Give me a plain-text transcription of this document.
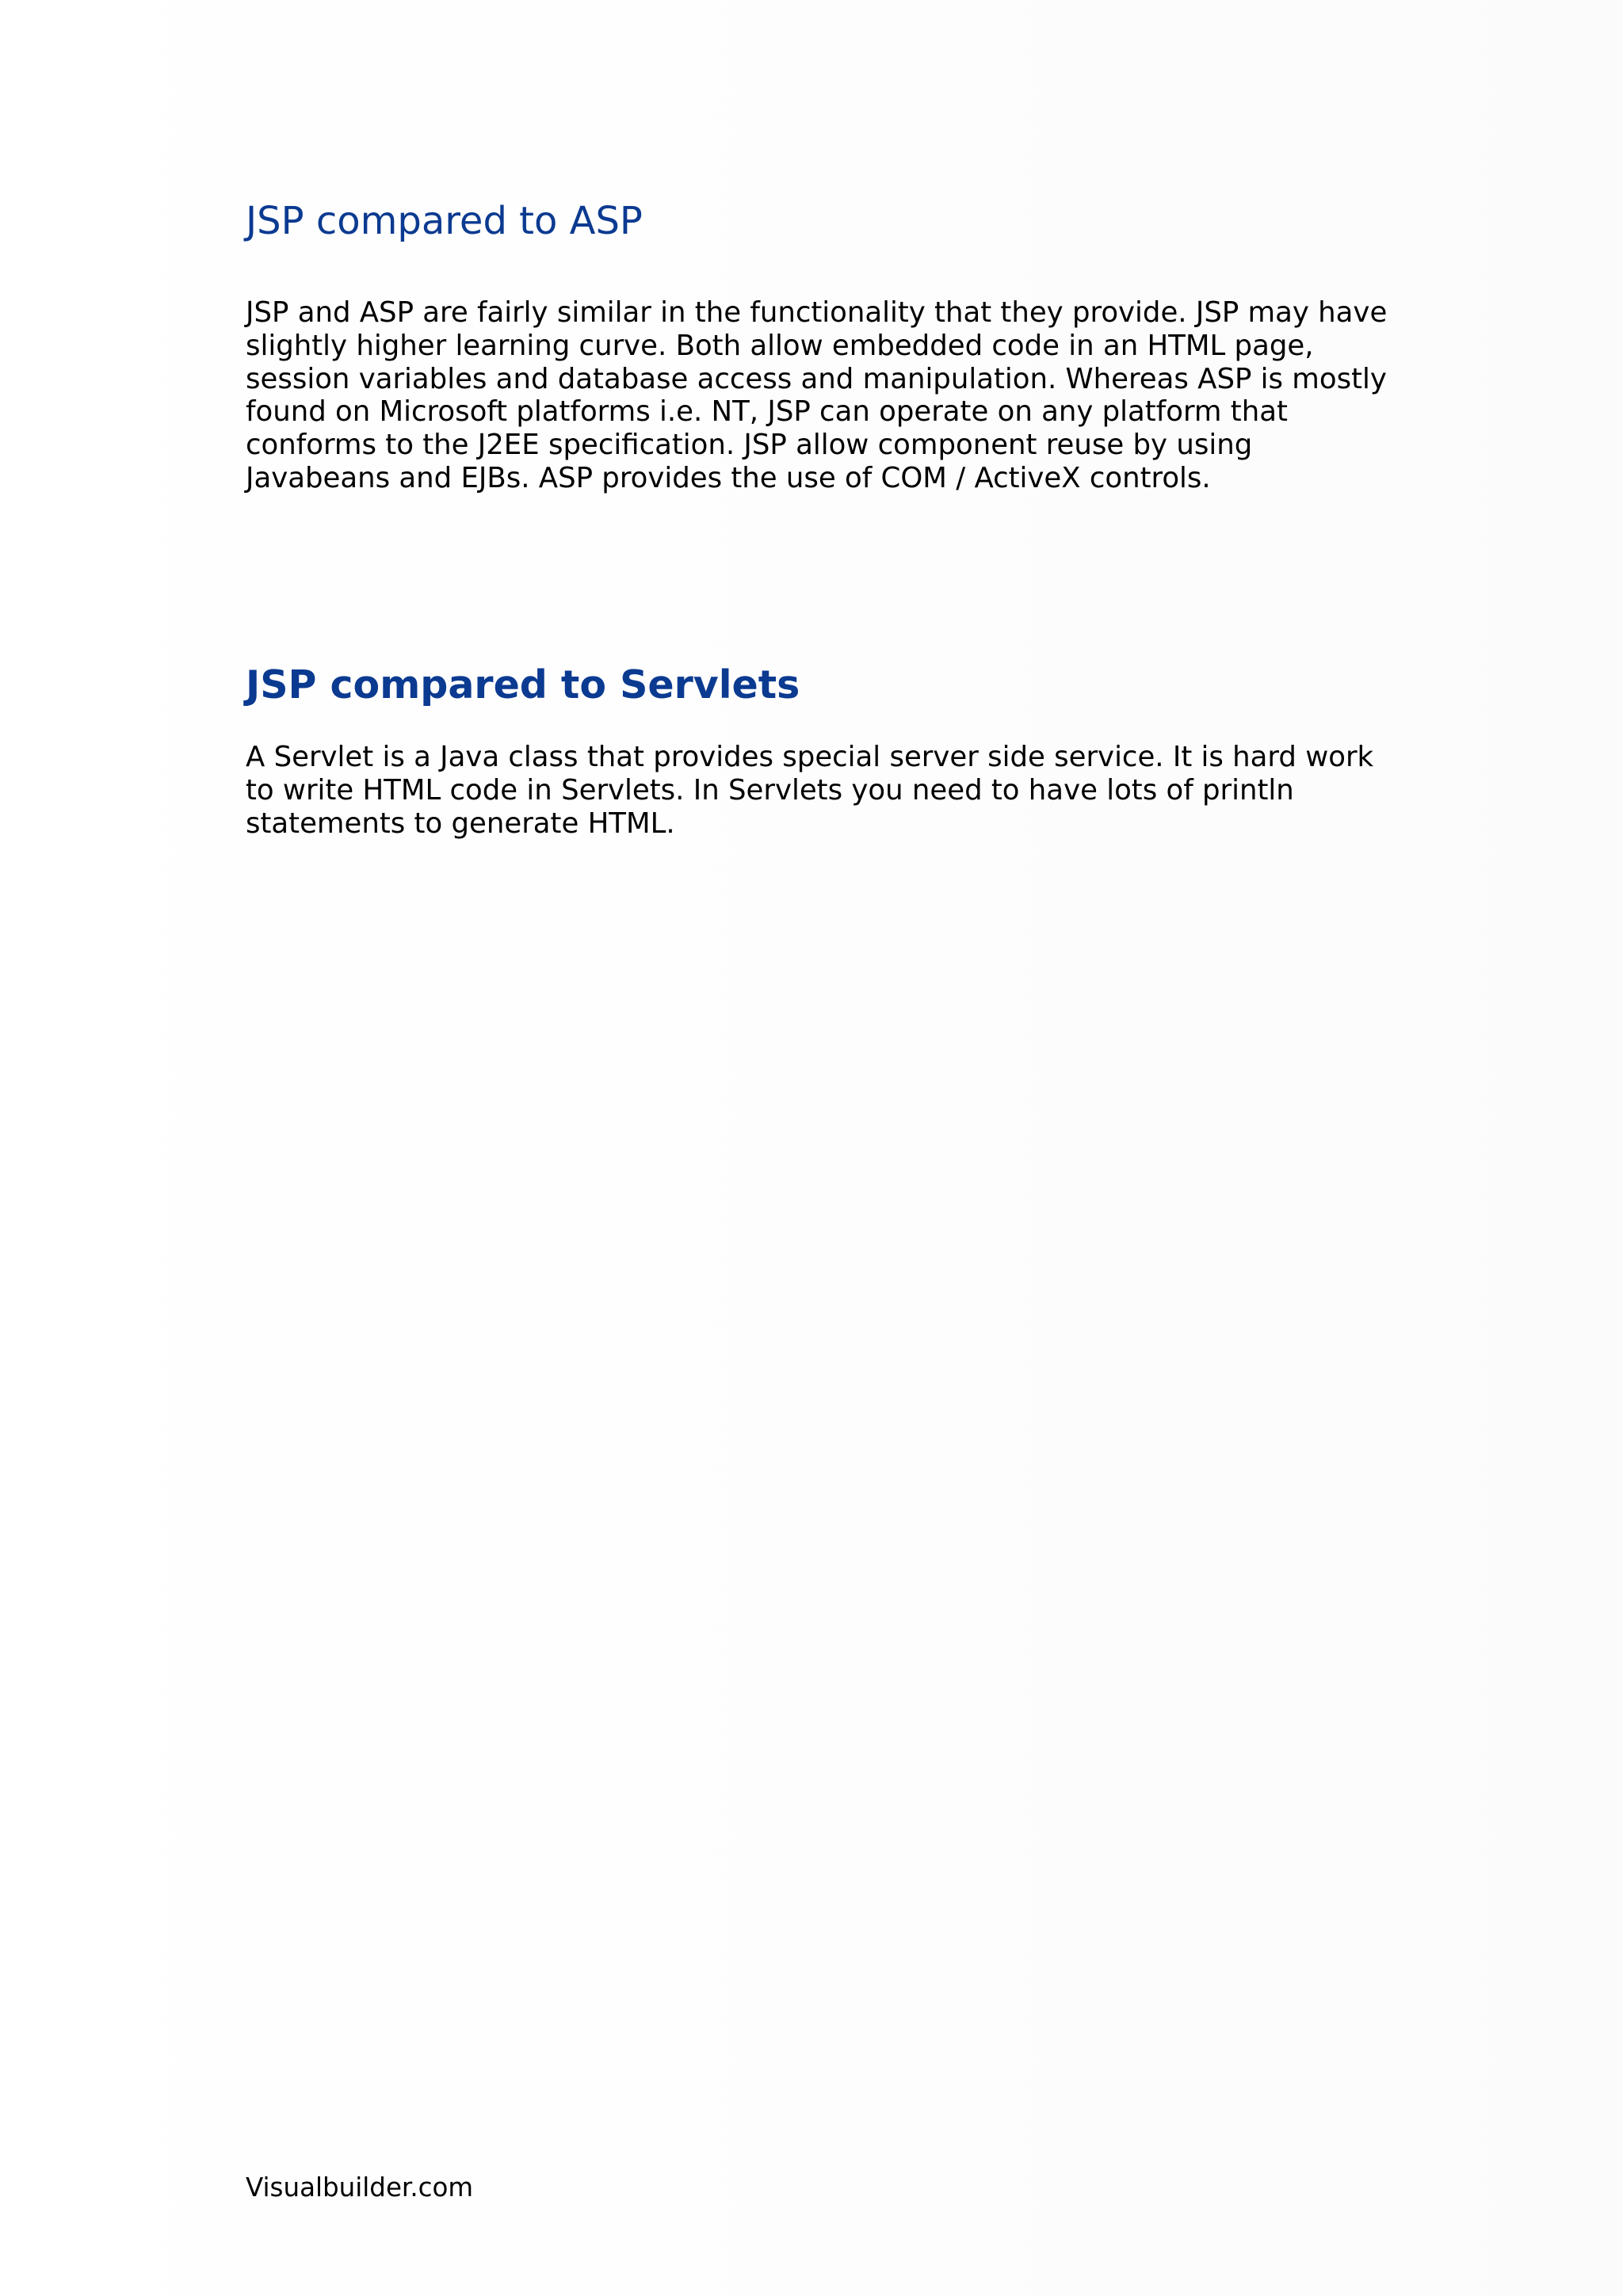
JSP compared to ASP

JSP and ASP are fairly similar in the functionality that they provide. JSP may have
slightly higher learning curve. Both allow embedded code in an HTML page,
session variables and database access and manipulation. Whereas ASP is mostly
found on Microsoft platforms i.e. NT, JSP can operate on any platform that
conforms to the J2EE specification. JSP allow component reuse by using
Javabeans and EJBs. ASP provides the use of COM / ActiveX controls.

JSP compared to Servlets

A Servlet is a Java class that provides special server side service. It is hard work
to write HTML code in Servlets. In Servlets you need to have lots of println
statements to generate HTML.

Visualbuilder.com
